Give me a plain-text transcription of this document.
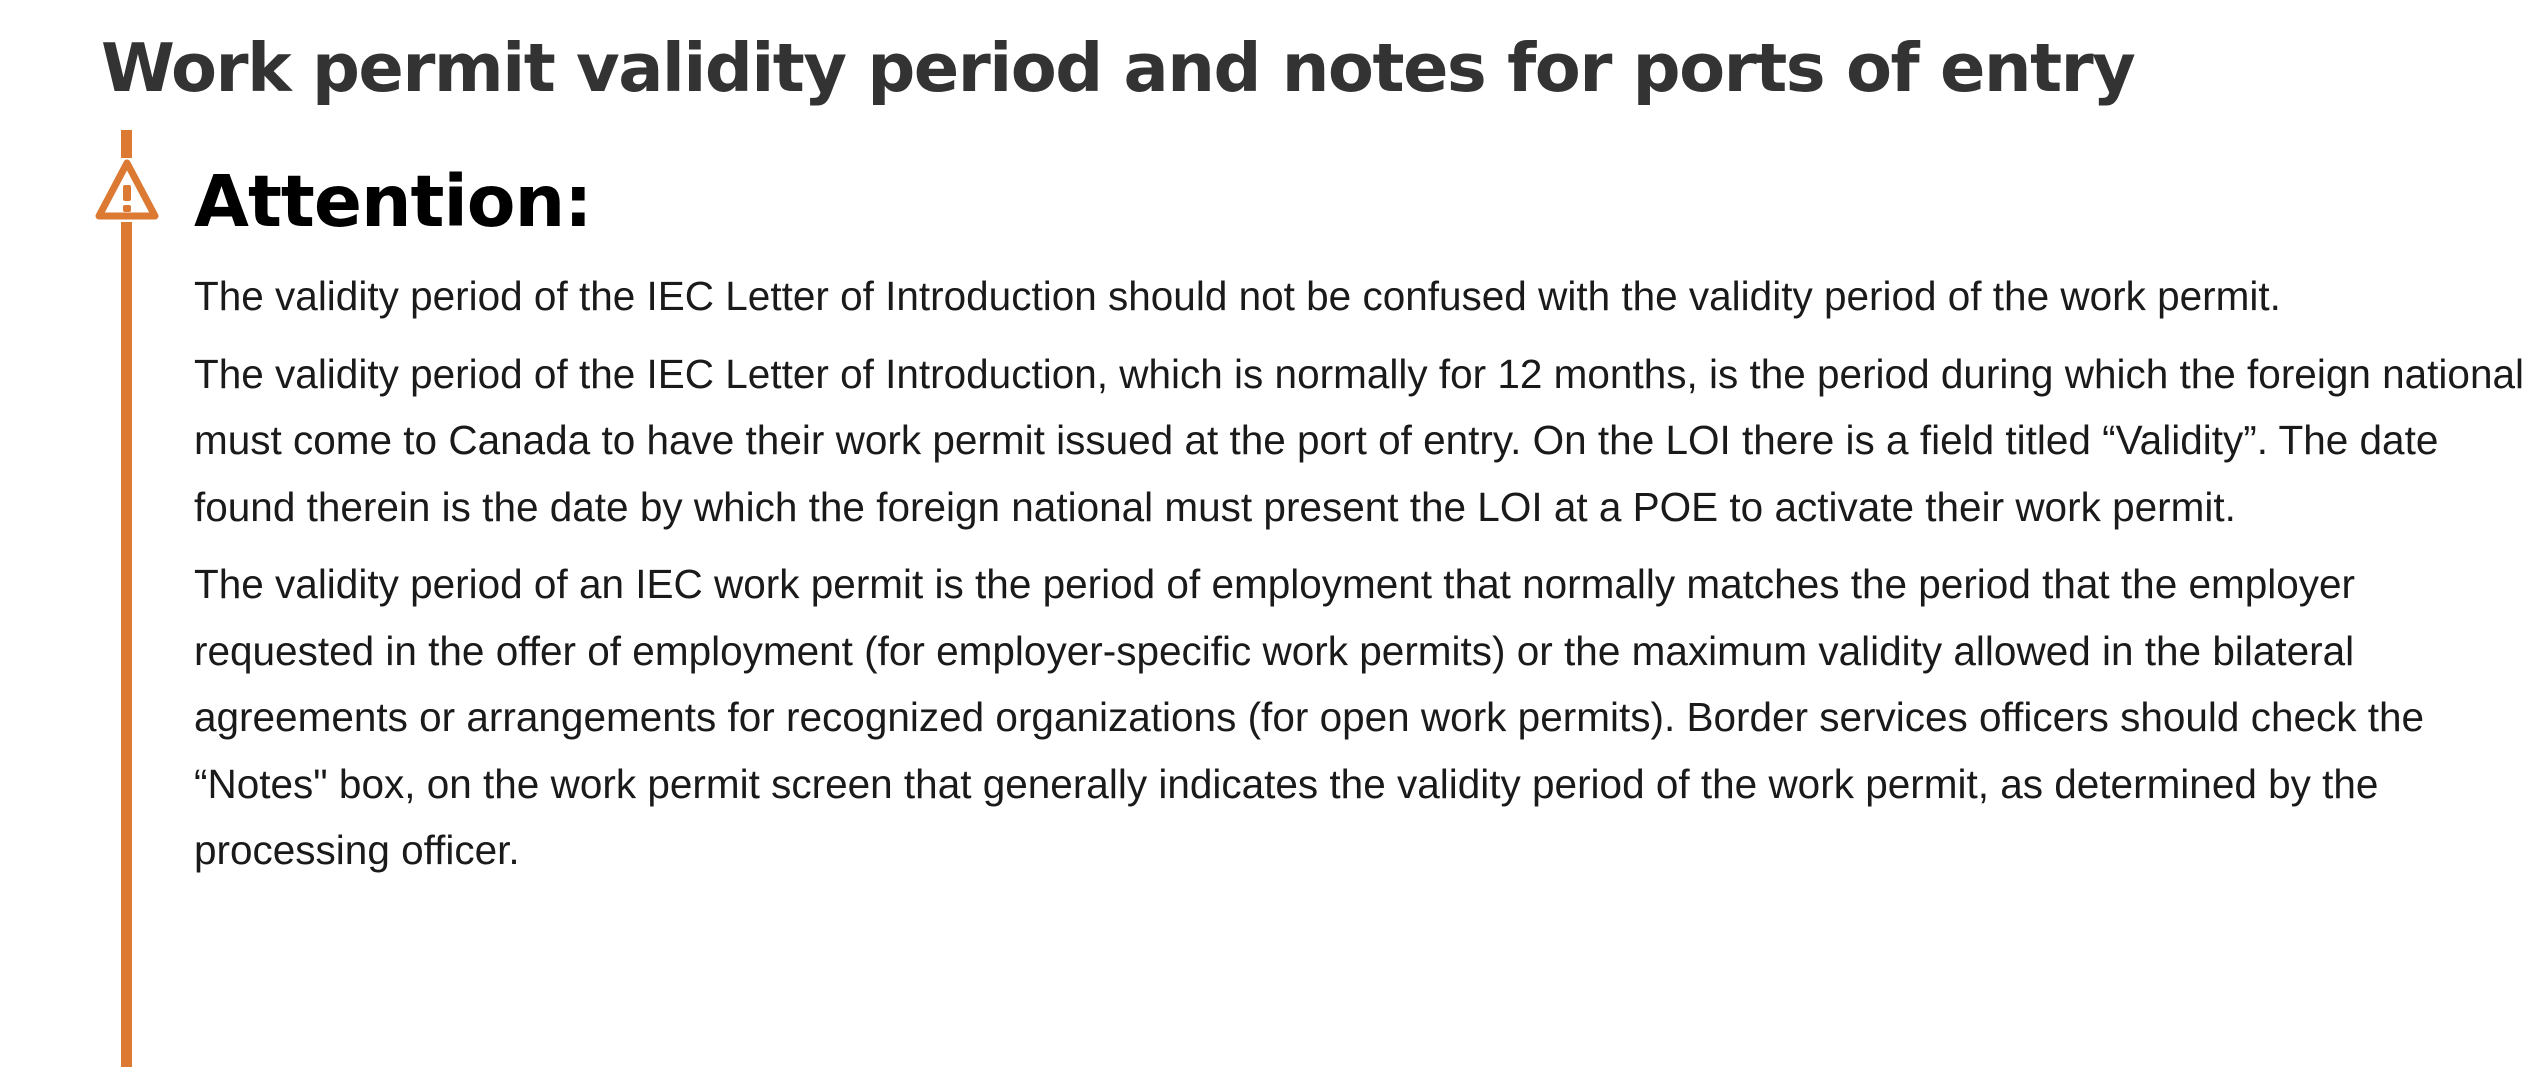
Work permit validity period and notes for ports of entry
Attention:

The validity period of the IEC Letter of Introduction should not be confused with the validity period of the work permit.

The validity period of the IEC Letter of Introduction, which is normally for 12 months, is the period during which the foreign national must come to Canada to have their work permit issued at the port of entry. On the LOI there is a field titled “Validity”. The date found therein is the date by which the foreign national must present the LOI at a POE to activate their work permit.

The validity period of an IEC work permit is the period of employment that normally matches the period that the employer requested in the offer of employment (for employer-specific work permits) or the maximum validity allowed in the bilateral agreements or arrangements for recognized organizations (for open work permits). Border services officers should check the “Notes" box, on the work permit screen that generally indicates the validity period of the work permit, as determined by the processing officer.
